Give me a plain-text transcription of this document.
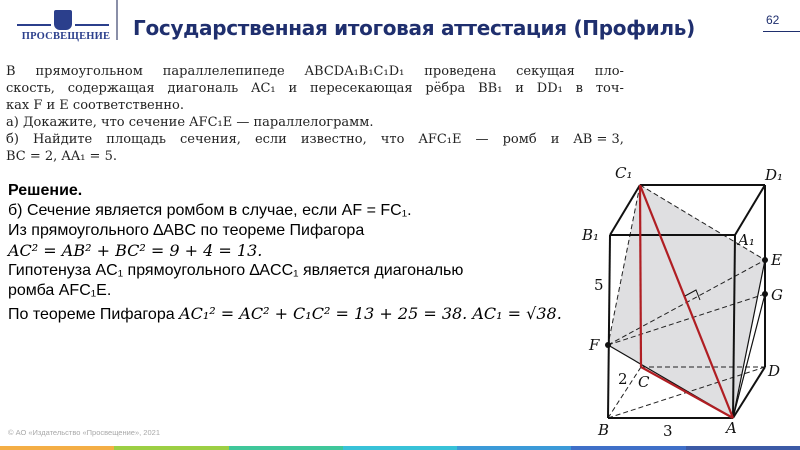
ПРОСВЕЩЕНИЕ	Государственная итоговая аттестация (Профиль)	62
В прямоугольном параллелепипеде ABCDA₁B₁C₁D₁ проведена секущая пло-
скость, содержащая диагональ AC₁ и пересекающая рёбра BB₁ и DD₁ в точ-
ках F и E соответственно.
а) Докажите, что сечение AFC₁E — параллелограмм.
б) Найдите площадь сечения, если известно, что AFC₁E — ромб и AB = 3,
BC = 2, AA₁ = 5.
Решение.
б) Сечение является ромбом в случае, если AF = FC₁.
Из прямоугольного ∆ABC по теореме Пифагора
AC² = AB² + BC² = 9 + 4 = 13.
Гипотенуза AC₁ прямоугольного ∆ACC₁ является диагональю
ромба AFC₁E.
По теореме Пифагора AC₁² = AC² + C₁C² = 13 + 25 = 38. AC₁ = √38.
C₁	D₁
B₁	A₁
E
G
F
C
D
B	A
5
3
2
© АО «Издательство «Просвещение», 2021
